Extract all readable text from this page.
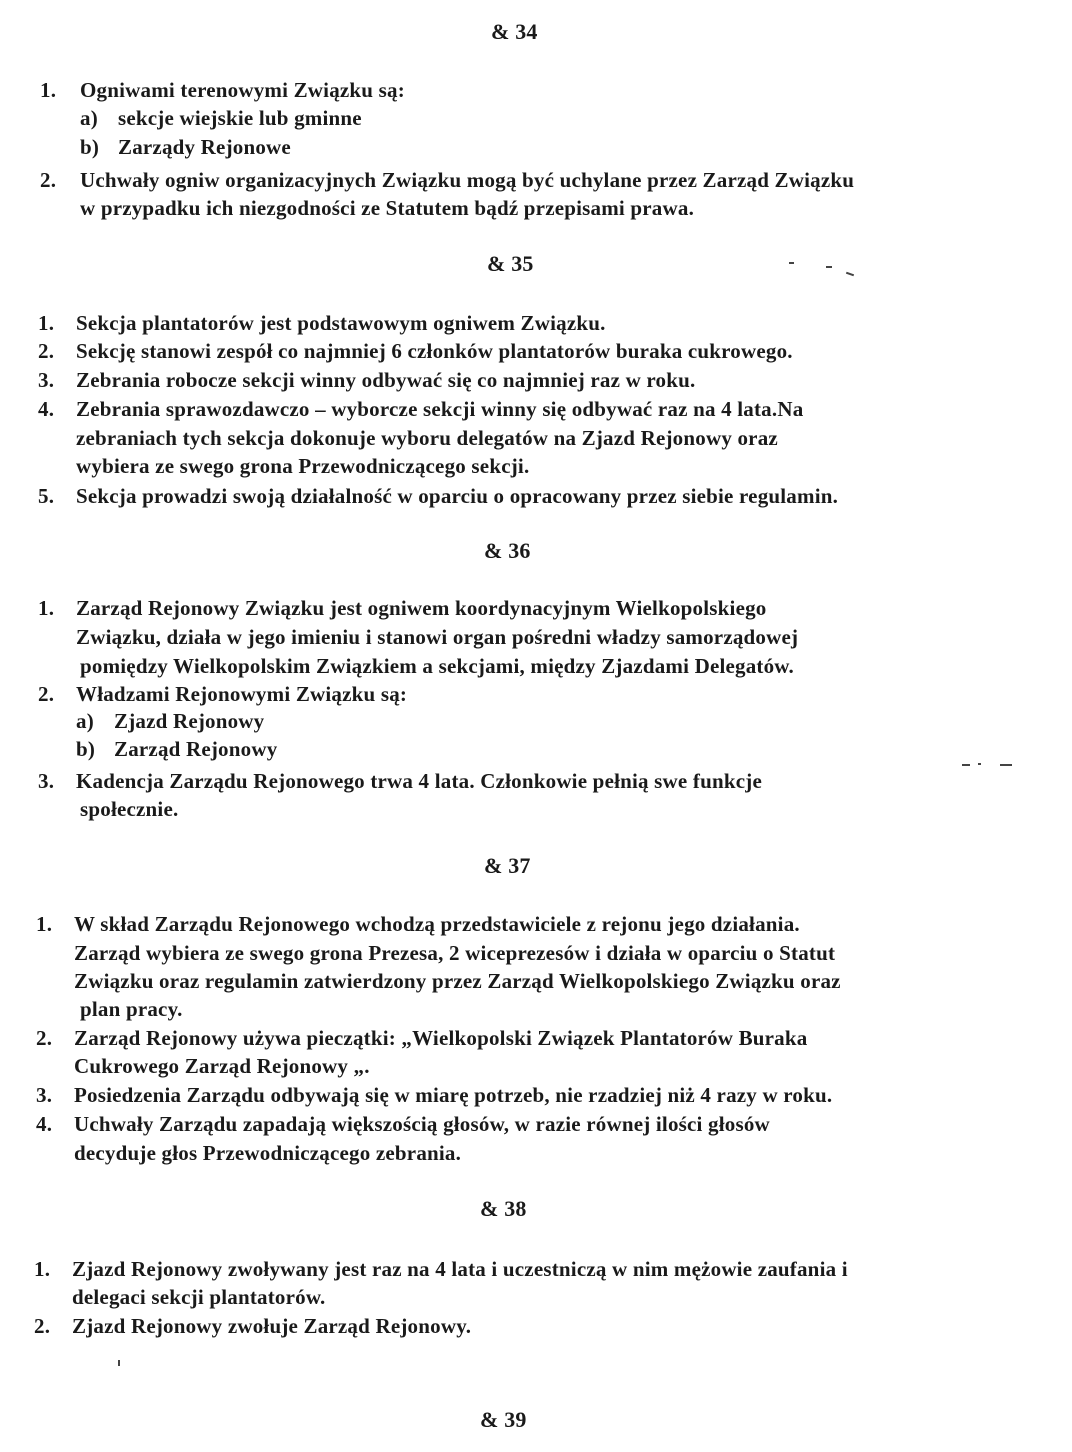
& 34
1. Ogniwami terenowymi Związku są:
a) sekcje wiejskie lub gminne
b) Zarządy Rejonowe
2. Uchwały ogniw organizacyjnych Związku mogą być uchylane przez Zarząd Związku
w przypadku ich niezgodności ze Statutem bądź przepisami prawa.
& 35
1. Sekcja plantatorów jest podstawowym ogniwem Związku.
2. Sekcję stanowi zespół co najmniej 6 członków plantatorów buraka cukrowego.
3. Zebrania robocze sekcji winny odbywać się co najmniej raz w roku.
4. Zebrania sprawozdawczo – wyborcze sekcji winny się odbywać raz na 4 lata.Na
zebraniach tych sekcja dokonuje wyboru delegatów na Zjazd Rejonowy oraz
wybiera ze swego grona Przewodniczącego sekcji.
5. Sekcja prowadzi swoją działalność w oparciu o opracowany przez siebie regulamin.
& 36
1. Zarząd Rejonowy Związku jest ogniwem koordynacyjnym Wielkopolskiego
Związku, działa w jego imieniu i stanowi organ pośredni władzy samorządowej
pomiędzy Wielkopolskim Związkiem a sekcjami, między Zjazdami Delegatów.
2. Władzami Rejonowymi Związku są:
a) Zjazd Rejonowy
b) Zarząd Rejonowy
3. Kadencja Zarządu Rejonowego trwa 4 lata. Członkowie pełnią swe funkcje
społecznie.
& 37
1. W skład Zarządu Rejonowego wchodzą przedstawiciele z rejonu jego działania.
Zarząd wybiera ze swego grona Prezesa, 2 wiceprezesów i działa w oparciu o Statut
Związku oraz regulamin zatwierdzony przez Zarząd Wielkopolskiego Związku oraz
plan pracy.
2. Zarząd Rejonowy używa pieczątki: „Wielkopolski Związek Plantatorów Buraka
Cukrowego Zarząd Rejonowy „.
3. Posiedzenia Zarządu odbywają się w miarę potrzeb, nie rzadziej niż 4 razy w roku.
4. Uchwały Zarządu zapadają większością głosów, w razie równej ilości głosów
decyduje głos Przewodniczącego zebrania.
& 38
1. Zjazd Rejonowy zwoływany jest raz na 4 lata i uczestniczą w nim mężowie zaufania i
delegaci sekcji plantatorów.
2. Zjazd Rejonowy zwołuje Zarząd Rejonowy.
& 39
